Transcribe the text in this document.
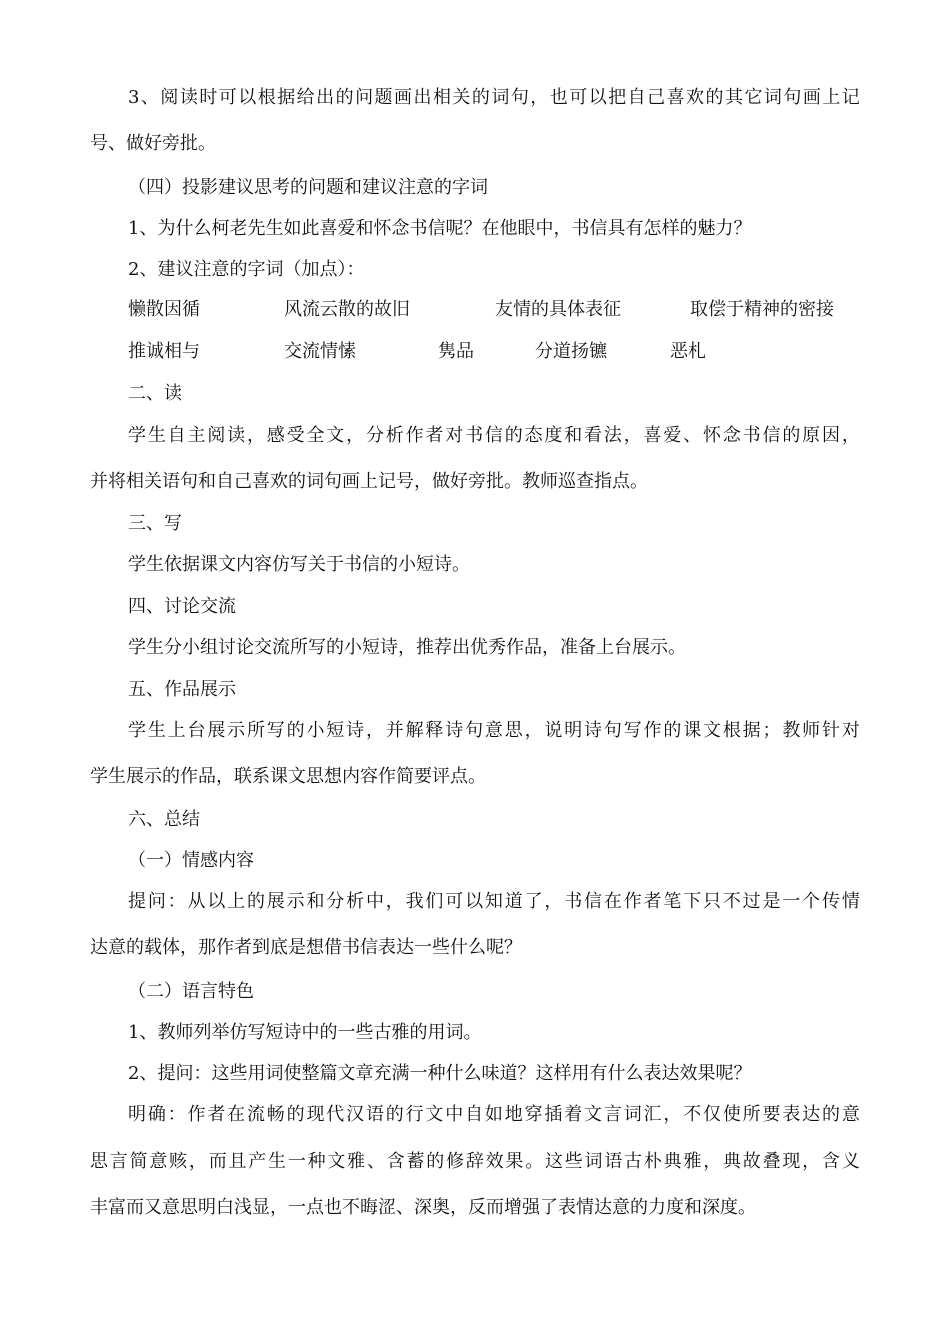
3 、 阅 读 时 可 以 根 据 给 出 的 问 题 画 出 相 关 的 词 句 ， 也 可 以 把 自 己 喜 欢 的 其 它 词 句 画 上 记
号、做好旁批。
（四）投影建议思考的问题和建议注意的字词
1、为什么柯老先生如此喜爱和怀念书信呢？在他眼中，书信具有怎样的魅力？
2、建议注意的字词（加点）：
懒散因循	风流云散的故旧	友情的具体表征	取偿于精神的密接
推诚相与	交流情愫	隽品	分道扬镳	恶札
二、读
学 生 自 主 阅 读 ， 感 受 全 文 ， 分 析 作 者 对 书 信 的 态 度 和 看 法 ， 喜 爱 、 怀 念 书 信 的 原 因 ，
并将相关语句和自己喜欢的词句画上记号，做好旁批。教师巡查指点。
三、写
学生依据课文内容仿写关于书信的小短诗。
四、讨论交流
学生分小组讨论交流所写的小短诗，推荐出优秀作品，准备上台展示。
五、作品展示
学 生 上 台 展 示 所 写 的 小 短 诗 ， 并 解 释 诗 句 意 思 ， 说 明 诗 句 写 作 的 课 文 根 据 ； 教 师 针 对
学生展示的作品，联系课文思想内容作简要评点。
六、总结
（一）情感内容
提 问 ： 从 以 上 的 展 示 和 分 析 中 ， 我 们 可 以 知 道 了 ， 书 信 在 作 者 笔 下 只 不 过 是 一 个 传 情
达意的载体，那作者到底是想借书信表达一些什么呢？
（二）语言特色
1、教师列举仿写短诗中的一些古雅的用词。
2、提问：这些用词使整篇文章充满一种什么味道？这样用有什么表达效果呢？
明 确 ： 作 者 在 流 畅 的 现 代 汉 语 的 行 文 中 自 如 地 穿 插 着 文 言 词 汇 ， 不 仅 使 所 要 表 达 的 意
思 言 简 意 赅 ， 而 且 产 生 一 种 文 雅 、 含 蓄 的 修 辞 效 果 。 这 些 词 语 古 朴 典 雅 ， 典 故 叠 现 ， 含 义
丰富而又意思明白浅显，一点也不晦涩、深奥，反而增强了表情达意的力度和深度。
